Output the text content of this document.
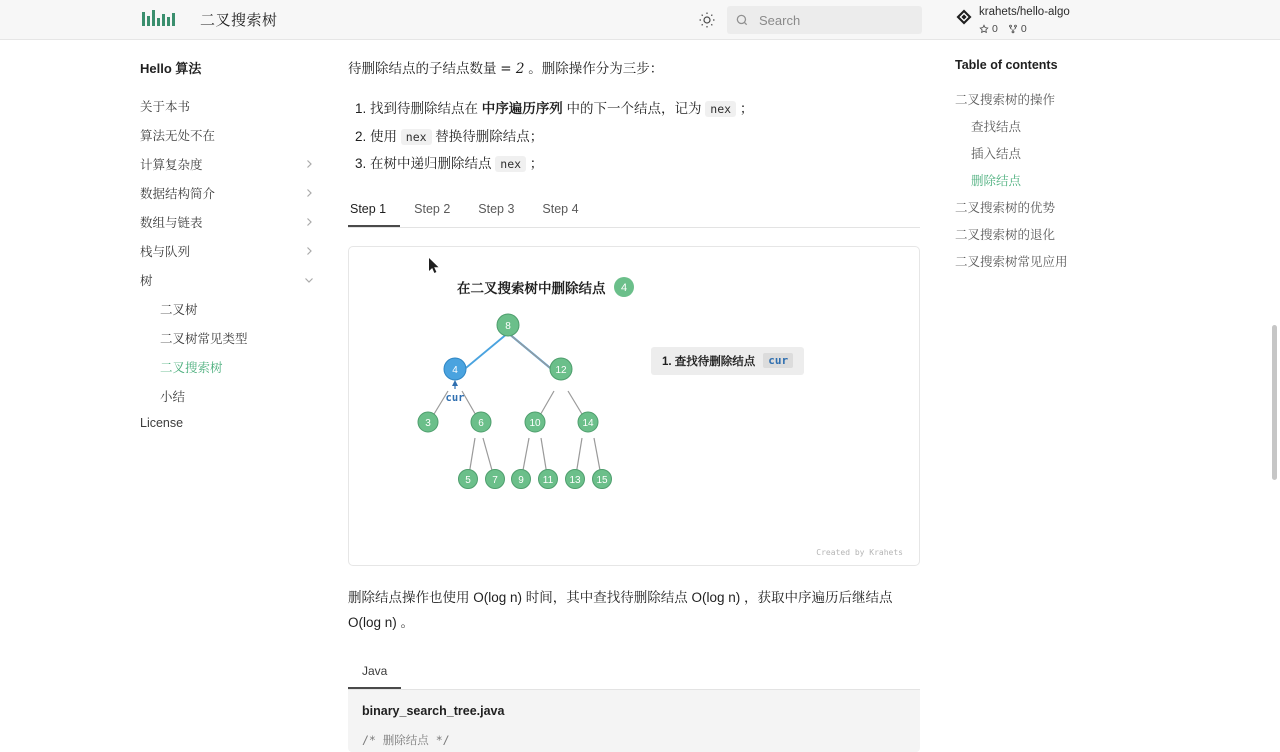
二叉搜索树
Search	krahets/hello-algo
0 0
Hello 算法
关于本书
算法无处不在
计算复杂度
数据结构简介
数组与链表
栈与队列
树
二叉树
二叉树常见类型
二叉搜索树
小结
License

待删除结点的子结点数量 = 2 。删除操作分为三步：

1. 找到待删除结点在 中序遍历序列 中的下一个结点，记为 nex ；
2. 使用 nex 替换待删除结点；
3. 在树中递归删除结点 nex ；
Step 1	Step 2	Step 3	Step 4
在二叉搜索树中删除结点 4
1. 查找待删除结点	cur
8
4	12
3	6	10	14
5 7 9 11 13 15
cur
Created by Krahets

删除结点操作也使用 O(log n) 时间，其中查找待删除结点 O(log n) ，获取中序遍历后继结点 O(log n) 。

Java
binary_search_tree.java
/* 删除结点 */
Table of contents
二叉搜索树的操作
查找结点
插入结点
删除结点
二叉搜索树的优势
二叉搜索树的退化
二叉搜索树常见应用
